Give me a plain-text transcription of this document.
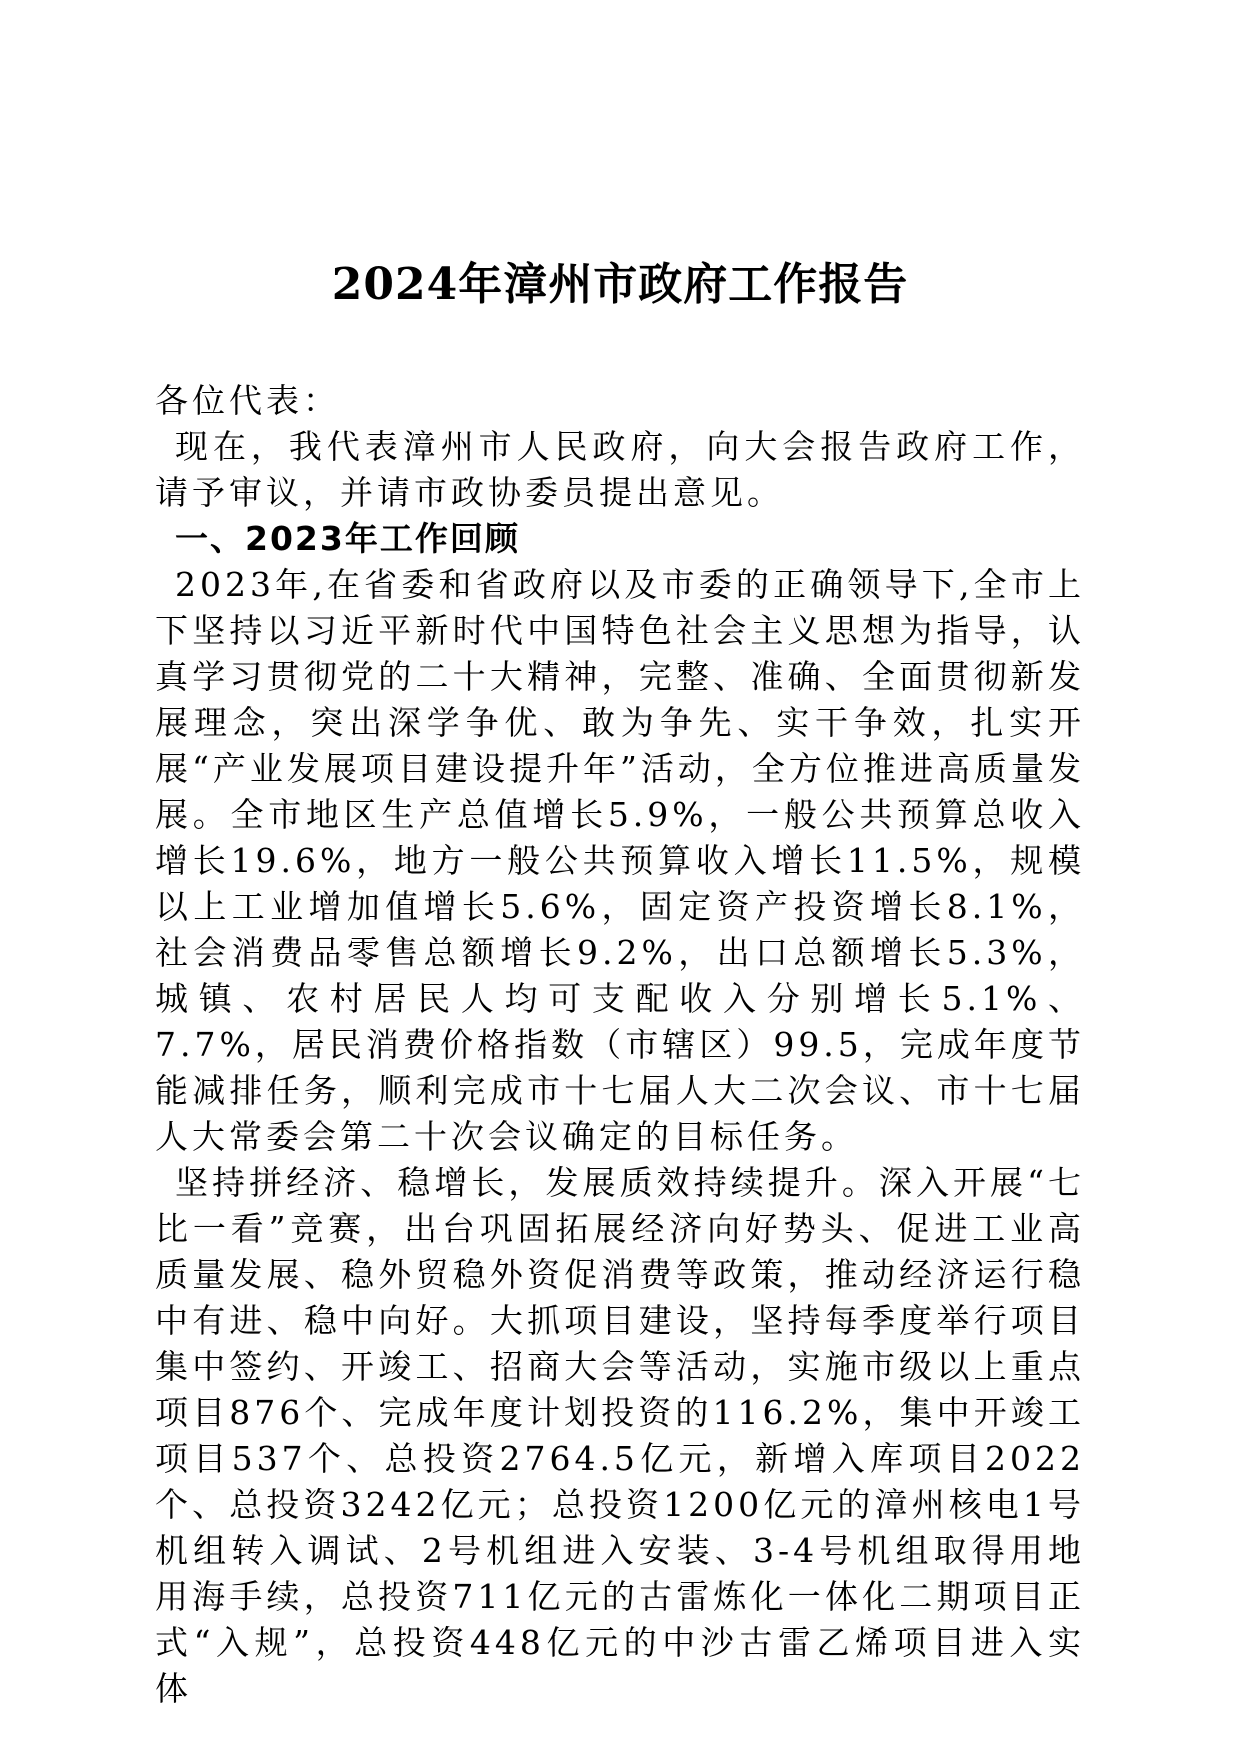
2024年漳州市政府工作报告

各位代表：

现在，我代表漳州市人民政府，向大会报告政府工作，请予审议，并请市政协委员提出意见。

一、2023年工作回顾

2023年,在省委和省政府以及市委的正确领导下,全市上下坚持以习近平新时代中国特色社会主义思想为指导，认真学习贯彻党的二十大精神，完整、准确、全面贯彻新发展理念，突出深学争优、敢为争先、实干争效，扎实开展“产业发展项目建设提升年”活动，全方位推进高质量发展。全市地区生产总值增长5.9%，一般公共预算总收入增长19.6%，地方一般公共预算收入增长11.5%，规模以上工业增加值增长5.6%，固定资产投资增长8.1%，社会消费品零售总额增长9.2%，出口总额增长5.3%，城镇、农村居民人均可支配收入分别增长5.1%、7.7%，居民消费价格指数（市辖区）99.5，完成年度节能减排任务，顺利完成市十七届人大二次会议、市十七届人大常委会第二十次会议确定的目标任务。

坚持拼经济、稳增长，发展质效持续提升。深入开展“七比一看”竞赛，出台巩固拓展经济向好势头、促进工业高质量发展、稳外贸稳外资促消费等政策，推动经济运行稳中有进、稳中向好。大抓项目建设，坚持每季度举行项目集中签约、开竣工、招商大会等活动，实施市级以上重点项目876个、完成年度计划投资的116.2%，集中开竣工项目537个、总投资2764.5亿元，新增入库项目2022个、总投资3242亿元；总投资1200亿元的漳州核电1号机组转入调试、2号机组进入安装、3-4号机组取得用地用海手续，总投资711亿元的古雷炼化一体化二期项目正式“入规”，总投资448亿元的中沙古雷乙烯项目进入实体
